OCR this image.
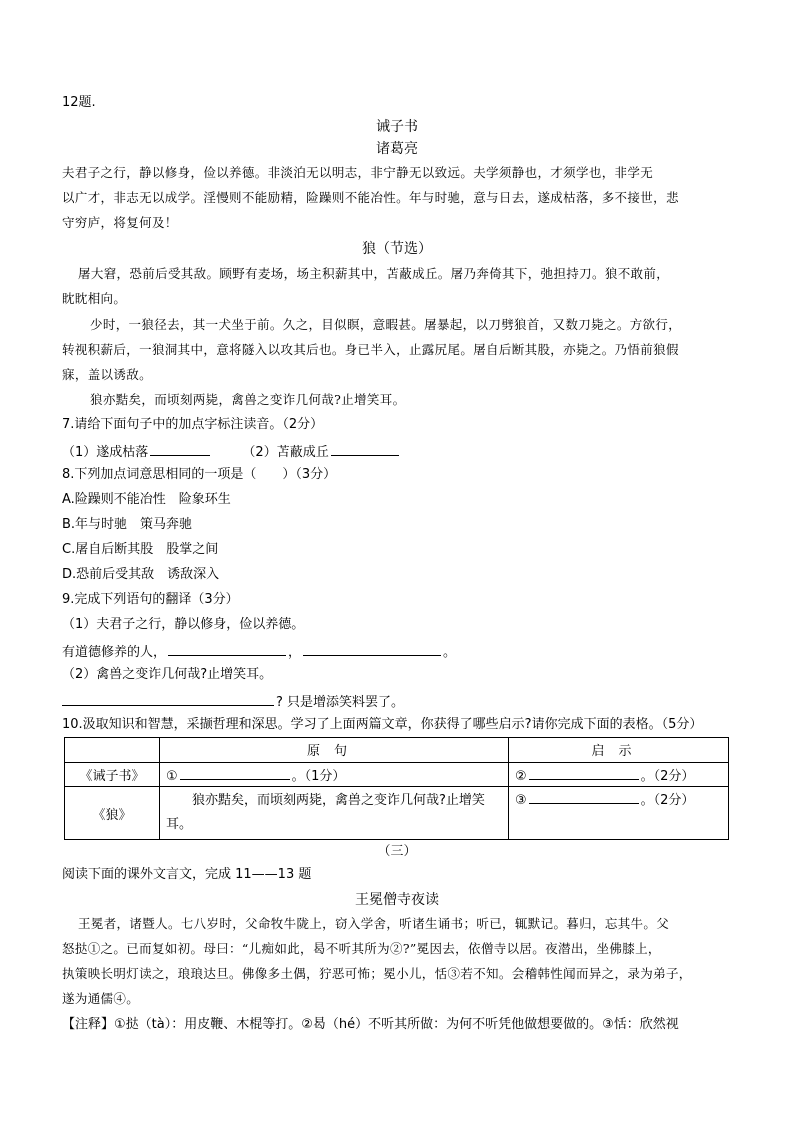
12题.
诫子书
诸葛亮
夫君子之行，静以修身，俭以养德。非淡泊无以明志，非宁静无以致远。夫学须静也，才须学也，非学无
以广才，非志无以成学。淫慢则不能励精，险躁则不能冶性。年与时驰，意与日去，遂成枯落，多不接世，悲
守穷庐，将复何及！
狼（节选）
屠大窘，恐前后受其敌。顾野有麦场，场主积薪其中，苫蔽成丘。屠乃奔倚其下，弛担持刀。狼不敢前，
眈眈相向。
少时，一狼径去，其一犬坐于前。久之，目似瞑，意暇甚。屠暴起，以刀劈狼首，又数刀毙之。方欲行，
转视积薪后，一狼洞其中，意将隧入以攻其后也。身已半入，止露尻尾。屠自后断其股，亦毙之。乃悟前狼假
寐，盖以诱敌。
狼亦黠矣，而顷刻两毙，禽兽之变诈几何哉?止增笑耳。
7.请给下面句子中的加点字标注读音。（2分）
（1）遂成枯落	（2）苫蔽成丘
8.下列加点词意思相同的一项是（　　）（3分）
A.险躁则不能冶性　险象环生
B.年与时驰　策马奔驰
C.屠自后断其股　股掌之间
D.恐前后受其敌　诱敌深入
9.完成下列语句的翻译（3分）
（1）夫君子之行，静以修身，俭以养德。
有道德修养的人，	，	。
（2）禽兽之变诈几何哉?止增笑耳。
? 只是增添笑料罢了。
10.汲取知识和智慧，采撷哲理和深思。学习了上面两篇文章，你获得了哪些启示?请你完成下面的表格。（5分）
	原句	启示
《诫子书》	① 。（1分）	② 。（2分）
《狼》	狼亦黠矣，而顷刻两毙，禽兽之变诈几何哉?止增笑耳。	③ 。（2分）
（三）
阅读下面的课外文言文，完成 11——13 题
王冕僧寺夜读
王冕者，诸暨人。七八岁时，父命牧牛陇上，窃入学舍，听诸生诵书；听已，辄默记。暮归，忘其牛。父
怒挞①之。已而复如初。母曰：“儿痴如此，曷不听其所为②?”冕因去，依僧寺以居。夜潜出，坐佛膝上，
执策映长明灯读之，琅琅达旦。佛像多土偶，狞恶可怖；冕小儿，恬③若不知。会稽韩性闻而异之，录为弟子，
遂为通儒④。
【注释】①挞（tà）：用皮鞭、木棍等打。②曷（hé）不听其所做：为何不听凭他做想要做的。③恬：欣然视
